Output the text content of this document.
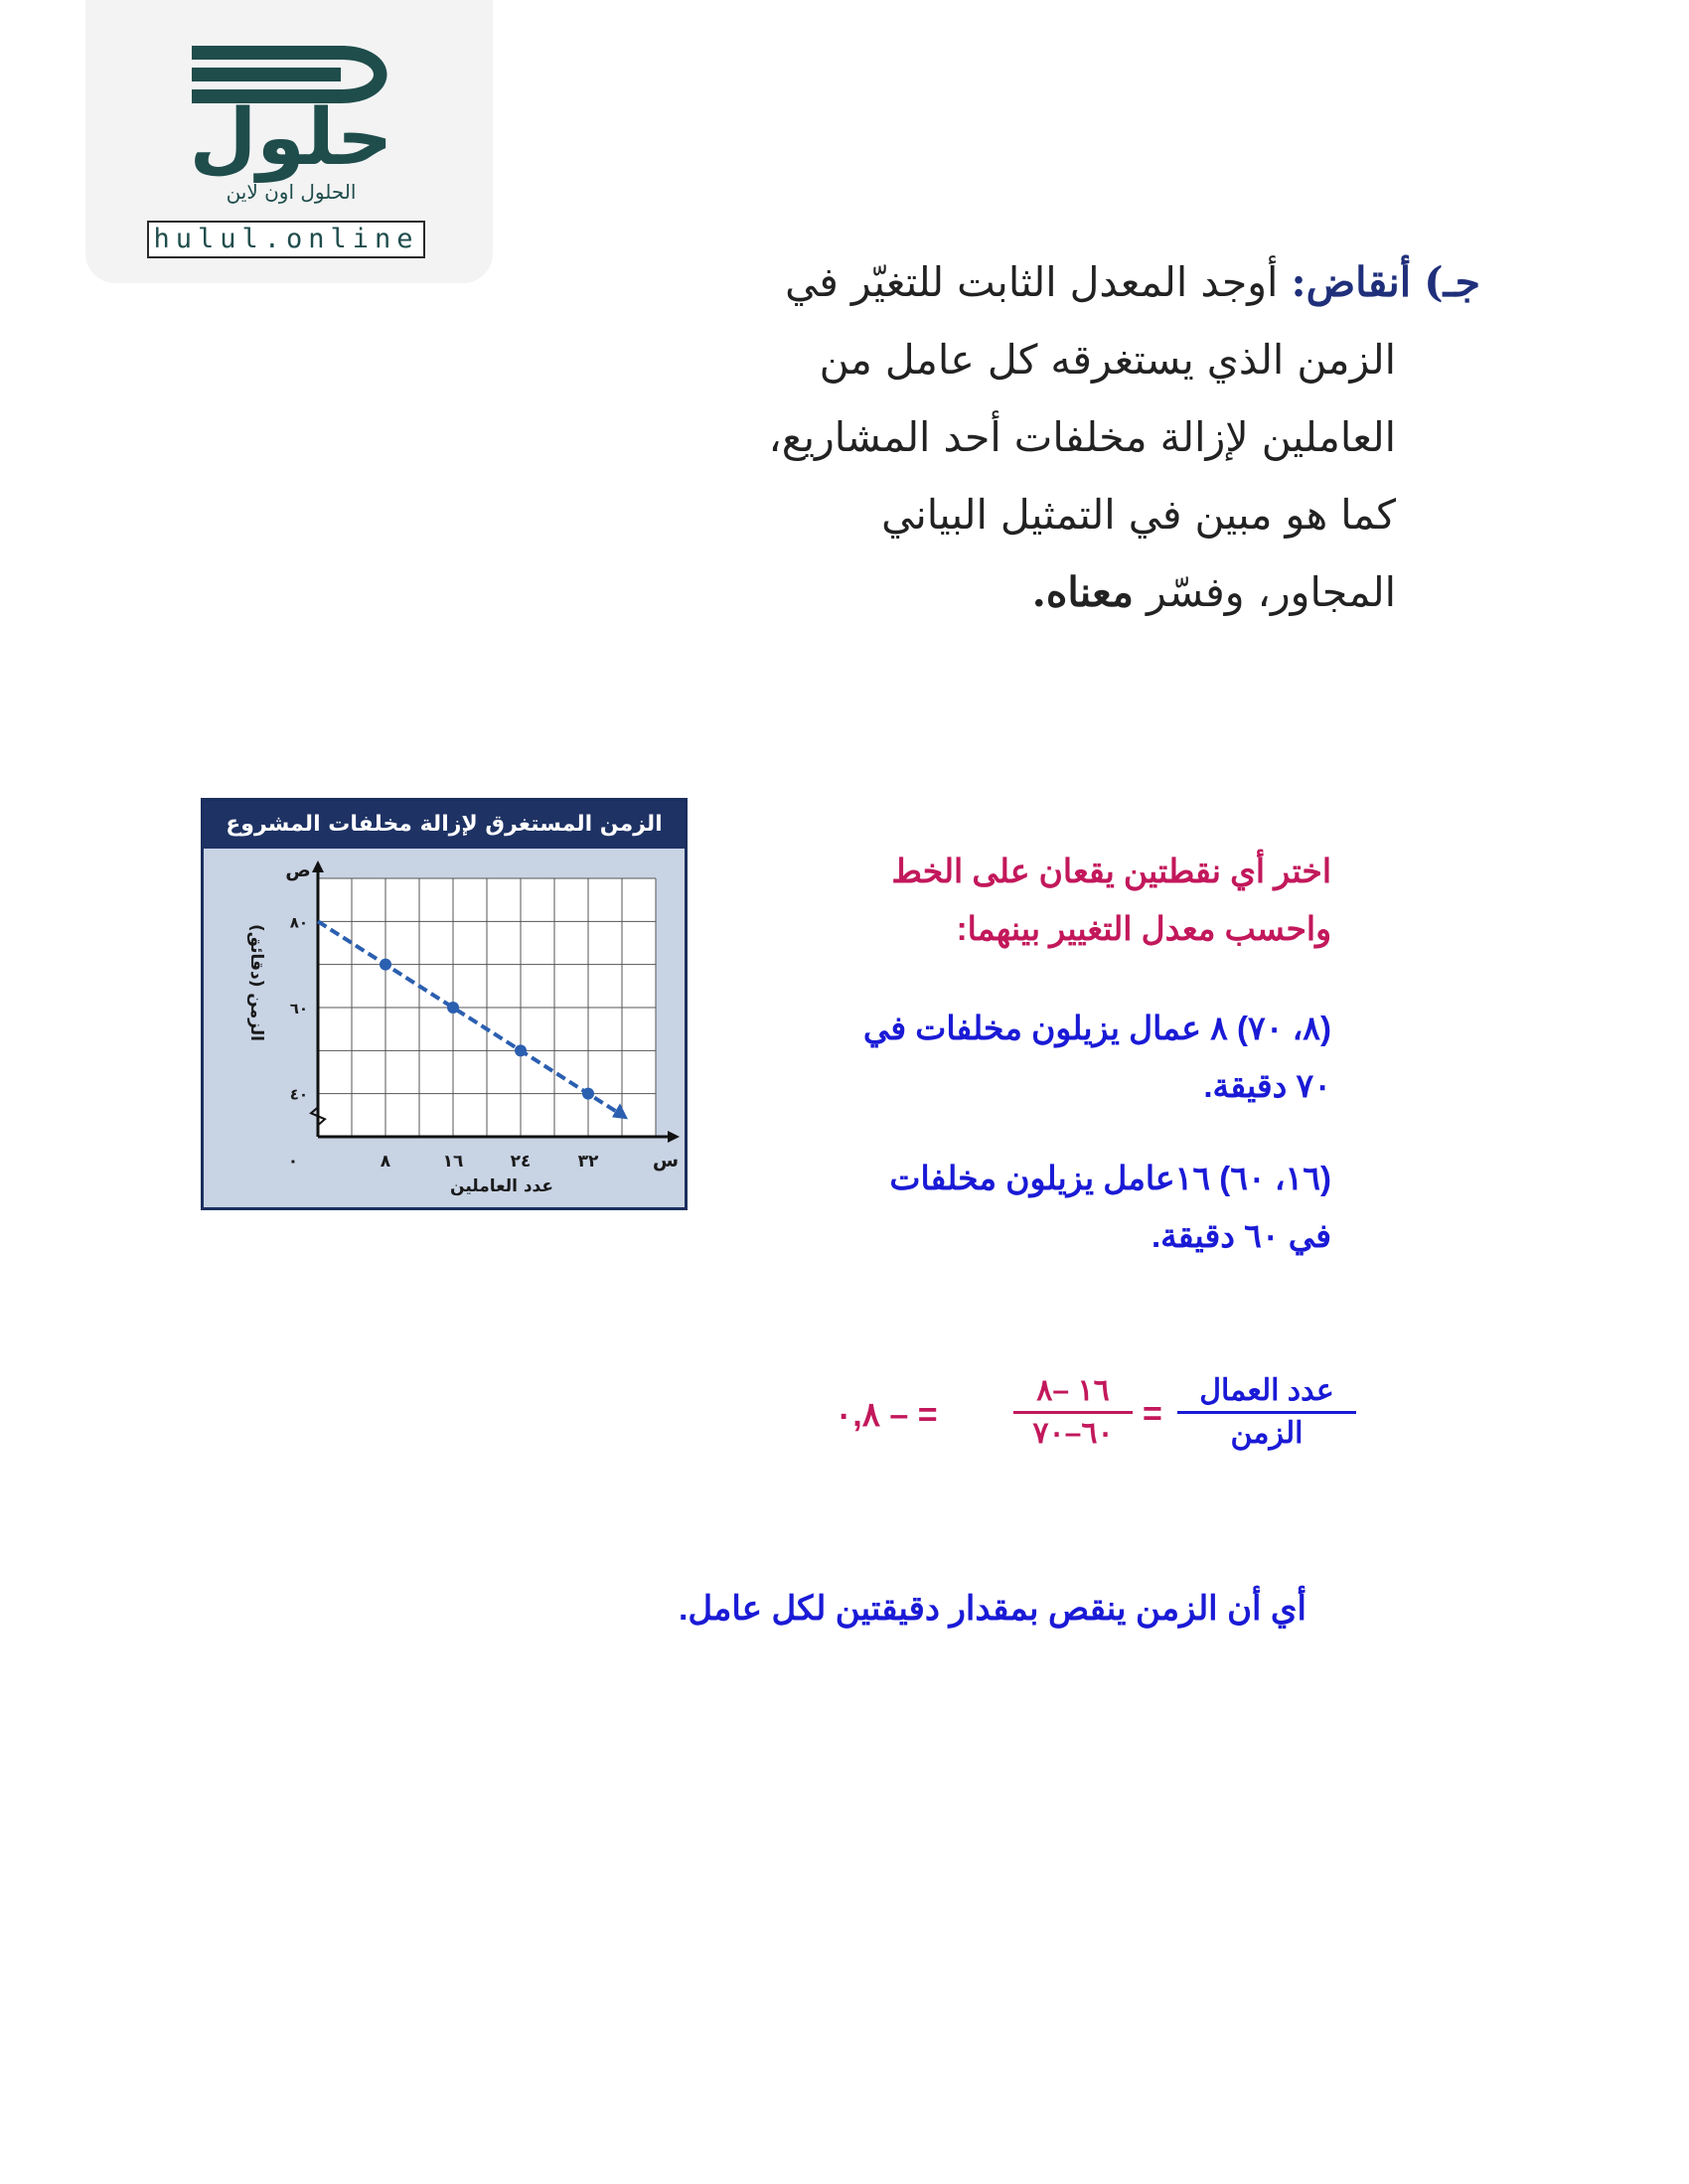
حلول
الحلول اون لاين
hulul.online
جـ) أنقاض: أوجد المعدل الثابت للتغيّر في
الزمن الذي يستغرقه كل عامل من
العاملين لإزالة مخلفات أحد المشاريع،
كما هو مبين في التمثيل البياني
المجاور، وفسّر معناه.
الزمن المستغرق لإزالة مخلفات المشروع
٨	١٦	٢٤	٣٢
٤٠
٦٠
٨٠
٠	س
ص
عدد العاملين
الزمن (دقائق)
اختر أي نقطتين يقعان على الخط
واحسب معدل التغيير بينهما:
(٨، ٧٠) ٨ عمال يزيلون مخلفات في
٧٠ دقيقة.
(١٦، ٦٠) ١٦عامل يزيلون مخلفات
في ٦٠ دقيقة.
عدد العمال
الزمن
=
١٦ –٨
٦٠–٧٠
= – ٠,٨
أي أن الزمن ينقص بمقدار دقيقتين لكل عامل.
